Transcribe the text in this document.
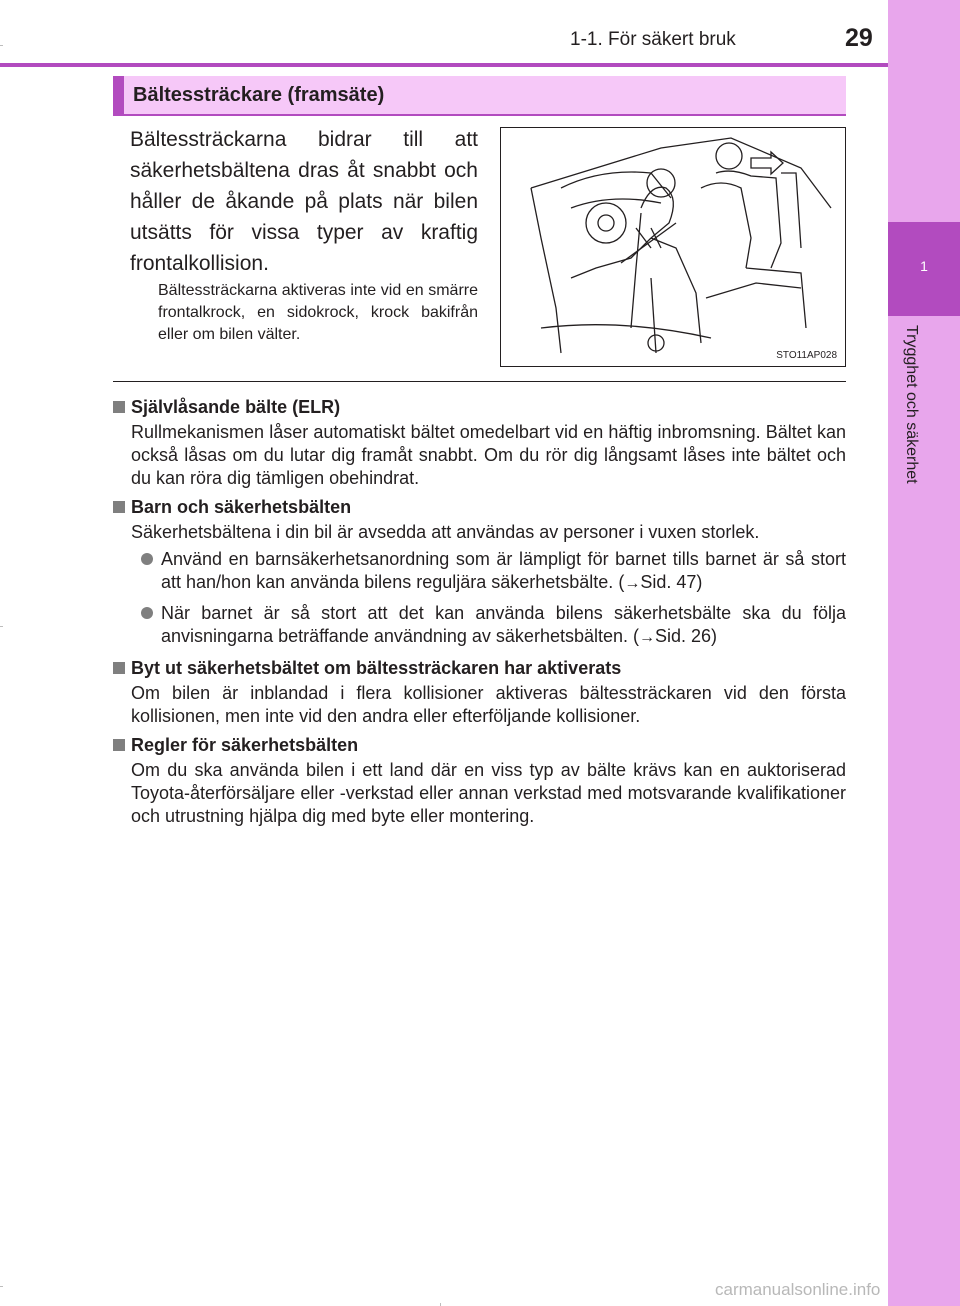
1
Trygghet och säkerhet
1-1. För säkert bruk	29
Bältessträckare (framsäte)
Bältessträckarna bidrar till att säkerhetsbältena dras åt snabbt och håller de åkande på plats när bilen utsätts för vissa typer av kraftig frontalkollision.
Bältessträckarna aktiveras inte vid en smärre frontalkrock, en sidokrock, krock bakifrån eller om bilen välter.
STO11AP028
Självlåsande bälte (ELR)
Rullmekanismen låser automatiskt bältet omedelbart vid en häftig inbromsning. Bältet kan också låsas om du lutar dig framåt snabbt. Om du rör dig långsamt låses inte bältet och du kan röra dig tämligen obehindrat.
Barn och säkerhetsbälten
Säkerhetsbältena i din bil är avsedda att användas av personer i vuxen storlek.
Använd en barnsäkerhetsanordning som är lämpligt för barnet tills barnet är så stort att han/hon kan använda bilens reguljära säkerhetsbälte. (→Sid. 47)
När barnet är så stort att det kan använda bilens säkerhetsbälte ska du följa anvisningarna beträffande användning av säkerhetsbälten. (→Sid. 26)
Byt ut säkerhetsbältet om bältessträckaren har aktiverats
Om bilen är inblandad i flera kollisioner aktiveras bältessträckaren vid den första kollisionen, men inte vid den andra eller efterföljande kollisioner.
Regler för säkerhetsbälten
Om du ska använda bilen i ett land där en viss typ av bälte krävs kan en auktoriserad Toyota-återförsäljare eller -verkstad eller annan verkstad med motsvarande kvalifikationer och utrustning hjälpa dig med byte eller montering.
carmanualsonline.info
